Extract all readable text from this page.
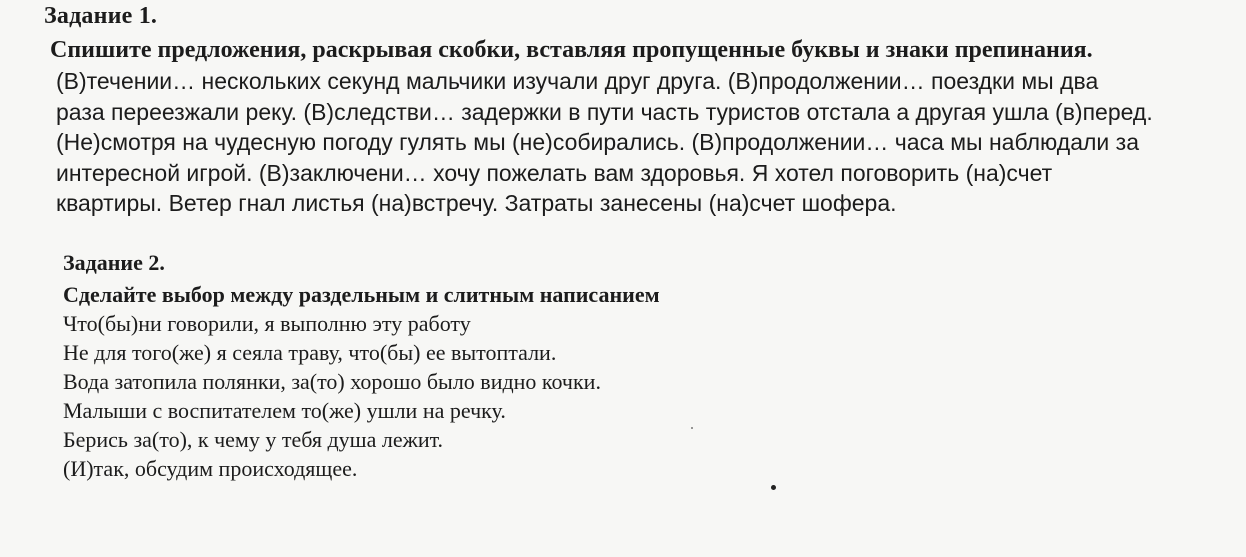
Задание 1.
Спишите предложения, раскрывая скобки, вставляя пропущенные буквы и знаки препинания.
(В)течении… нескольких секунд мальчики изучали друг друга. (В)продолжении… поездки мы два
раза переезжали реку. (В)следстви… задержки в пути часть туристов отстала а другая ушла (в)перед.
(Не)смотря на чудесную погоду гулять мы (не)собирались. (В)продолжении… часа мы наблюдали за
интересной игрой. (В)заключени… хочу пожелать вам здоровья. Я хотел поговорить (на)счет
квартиры. Ветер гнал листья (на)встречу. Затраты занесены (на)счет шофера.
Задание 2.
Сделайте выбор между раздельным и слитным написанием
Что(бы)ни говорили, я выполню эту работу
Не для того(же) я сеяла траву, что(бы) ее вытоптали.
Вода затопила полянки, за(то) хорошо было видно кочки.
Малыши с воспитателем то(же) ушли на речку.
Берись за(то), к чему у тебя душа лежит.
(И)так, обсудим происходящее.
